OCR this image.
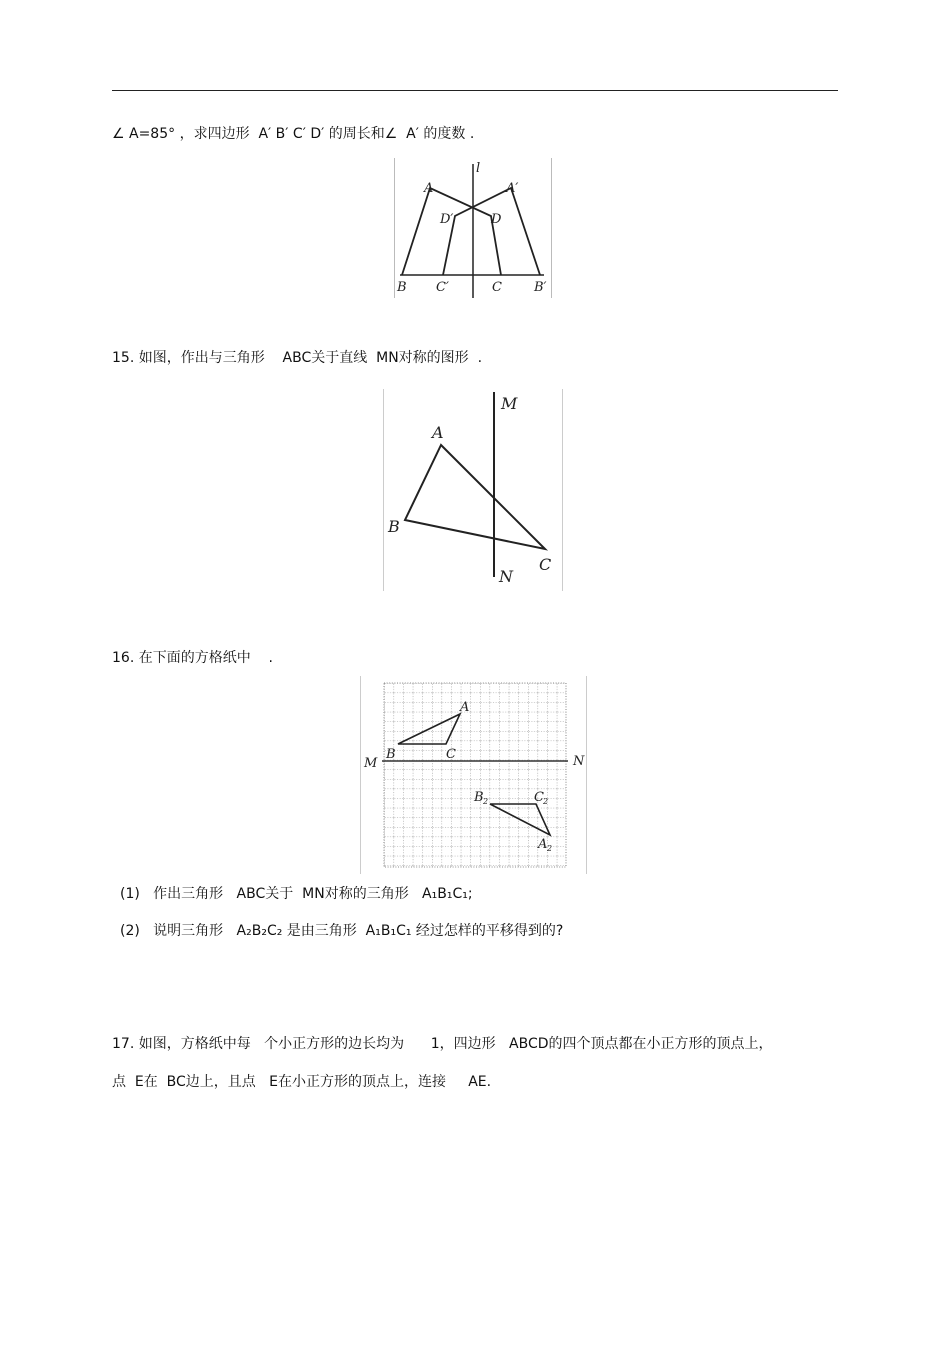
∠ A=85° ，求四边形  A′ B′ C′ D′ 的周长和∠  A′ 的度数 .
l
A	A′
D′	D
B C′	C B′
15. 如图，作出与三角形    ABC关于直线  MN对称的图形  .
M
N
A
B
C
16. 在下面的方格纸中    .
M	N
A
B	C
B 2	C 2
A 2
(1)   作出三角形   ABC关于  MN对称的三角形   A₁B₁C₁;
(2)   说明三角形   A₂B₂C₂ 是由三角形  A₁B₁C₁ 经过怎样的平移得到的?
17. 如图，方格纸中每   个小正方形的边长均为      1，四边形   ABCD的四个顶点都在小正方形的顶点上，
点  E在  BC边上，且点   E在小正方形的顶点上，连接     AE.
